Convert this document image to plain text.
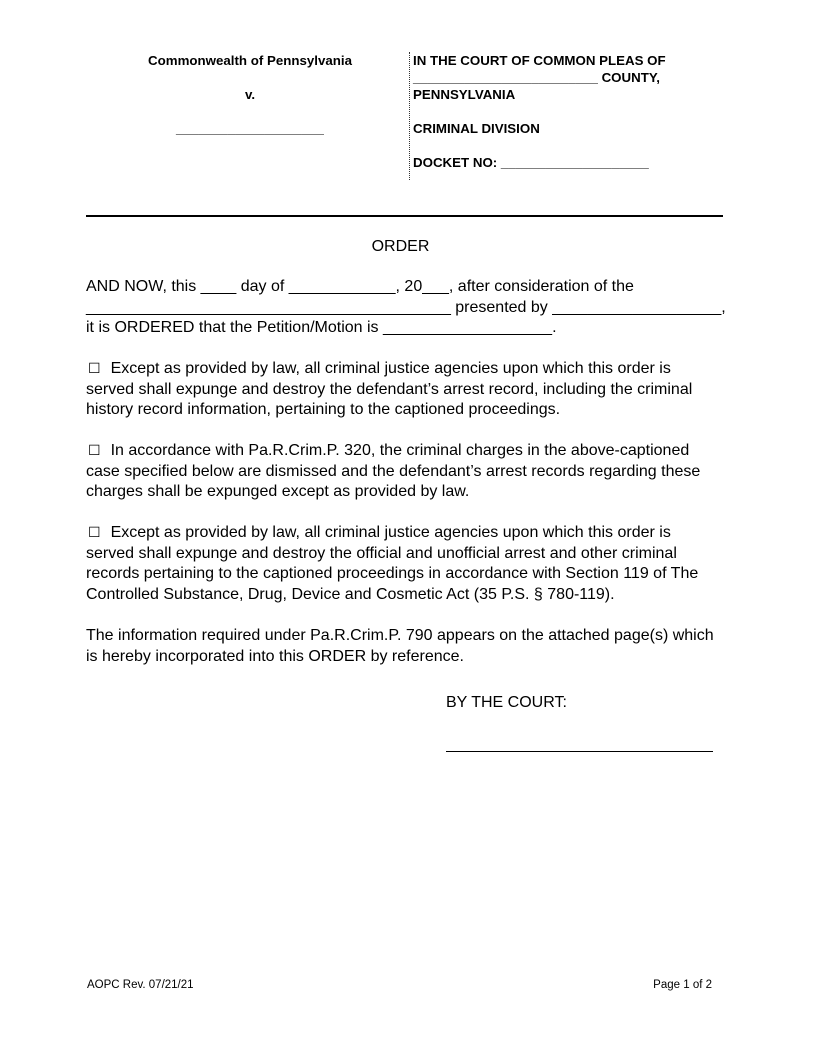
Commonwealth of Pennsylvania
v.
____________________
IN THE COURT OF COMMON PLEAS OF
_________________________ COUNTY,
PENNSYLVANIA
CRIMINAL DIVISION
DOCKET NO: ____________________
ORDER
AND NOW, this ____ day of ____________, 20___, after consideration of the
_________________________________________ presented by ___________________,
it is ORDERED that the Petition/Motion is ___________________.
☐ Except as provided by law, all criminal justice agencies upon which this order is
served shall expunge and destroy the defendant’s arrest record, including the criminal
history record information, pertaining to the captioned proceedings.
☐ In accordance with Pa.R.Crim.P. 320, the criminal charges in the above-captioned
case specified below are dismissed and the defendant’s arrest records regarding these
charges shall be expunged except as provided by law.
☐ Except as provided by law, all criminal justice agencies upon which this order is
served shall expunge and destroy the official and unofficial arrest and other criminal
records pertaining to the captioned proceedings in accordance with Section 119 of The
Controlled Substance, Drug, Device and Cosmetic Act (35 P.S. § 780-119).
The information required under Pa.R.Crim.P. 790 appears on the attached page(s) which
is hereby incorporated into this ORDER by reference.
BY THE COURT:
AOPC Rev. 07/21/21	Page 1 of 2
